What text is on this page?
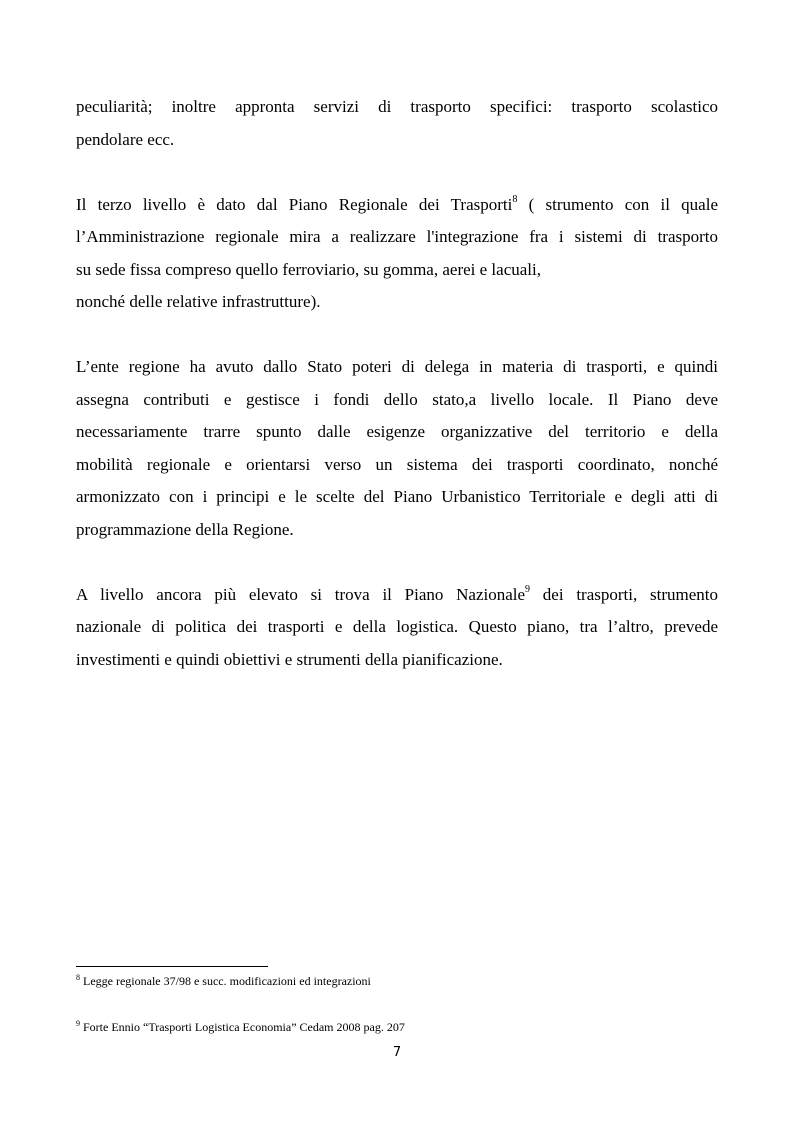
peculiarità; inoltre appronta servizi di trasporto specifici: trasporto scolastico
pendolare ecc.

Il terzo livello è dato dal Piano Regionale dei Trasporti$^8$ ( strumento con il quale
l’Amministrazione regionale mira a realizzare l'integrazione fra i sistemi di trasporto
su sede fissa compreso quello ferroviario, su gomma, aerei e lacuali,
nonché delle relative infrastrutture).

L’ente regione ha avuto dallo Stato poteri di delega in materia di trasporti, e quindi
assegna contributi e gestisce i fondi dello stato,a livello locale. Il Piano deve
necessariamente trarre spunto dalle esigenze organizzative del territorio e della
mobilità regionale e orientarsi verso un sistema dei trasporti coordinato, nonché
armonizzato con i principi e le scelte del Piano Urbanistico Territoriale e degli atti di
programmazione della Regione.

A livello ancora più elevato si trova il Piano Nazionale$^9$ dei trasporti, strumento
nazionale di politica dei trasporti e della logistica. Questo piano, tra l’altro, prevede
investimenti e quindi obiettivi e strumenti della pianificazione.

$^8$ Legge regionale 37/98 e succ. modificazioni ed integrazioni
$^9$ Forte Ennio “Trasporti Logistica Economia” Cedam 2008 pag. 207
7
